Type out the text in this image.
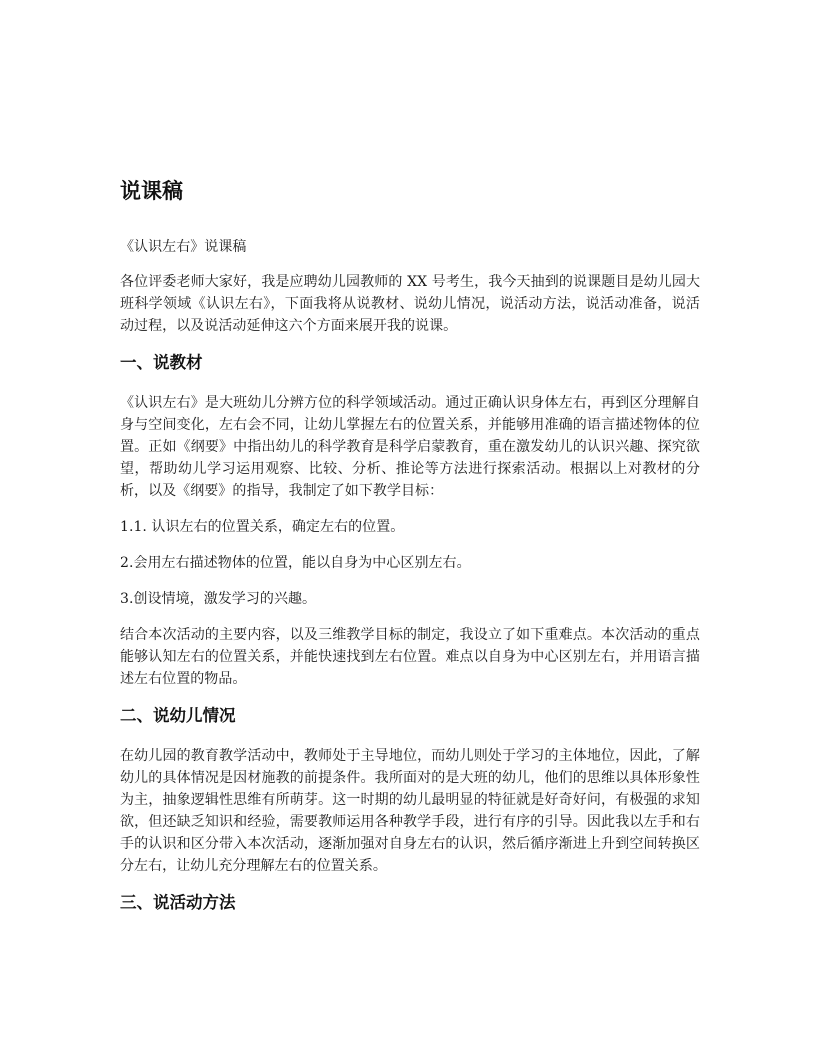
说课稿

《认识左右》说课稿

各位评委老师大家好，我是应聘幼儿园教师的 XX 号考生，我今天抽到的说课题目是幼儿园大班科学领域《认识左右》，下面我将从说教材、说幼儿情况，说活动方法，说活动准备，说活动过程，以及说活动延伸这六个方面来展开我的说课。

一、说教材

《认识左右》是大班幼儿分辨方位的科学领域活动。通过正确认识身体左右，再到区分理解自身与空间变化，左右会不同，让幼儿掌握左右的位置关系，并能够用准确的语言描述物体的位置。正如《纲要》中指出幼儿的科学教育是科学启蒙教育，重在激发幼儿的认识兴趣、探究欲望，帮助幼儿学习运用观察、比较、分析、推论等方法进行探索活动。根据以上对教材的分析，以及《纲要》的指导，我制定了如下教学目标：

1.1. 认识左右的位置关系，确定左右的位置。

2.会用左右描述物体的位置，能以自身为中心区别左右。

3.创设情境，激发学习的兴趣。

结合本次活动的主要内容，以及三维教学目标的制定，我设立了如下重难点。本次活动的重点能够认知左右的位置关系，并能快速找到左右位置。难点以自身为中心区别左右，并用语言描述左右位置的物品。

二、说幼儿情况

在幼儿园的教育教学活动中，教师处于主导地位，而幼儿则处于学习的主体地位，因此，了解幼儿的具体情况是因材施教的前提条件。我所面对的是大班的幼儿，他们的思维以具体形象性为主，抽象逻辑性思维有所萌芽。这一时期的幼儿最明显的特征就是好奇好问，有极强的求知欲，但还缺乏知识和经验，需要教师运用各种教学手段，进行有序的引导。因此我以左手和右手的认识和区分带入本次活动，逐渐加强对自身左右的认识，然后循序渐进上升到空间转换区分左右，让幼儿充分理解左右的位置关系。

三、说活动方法
